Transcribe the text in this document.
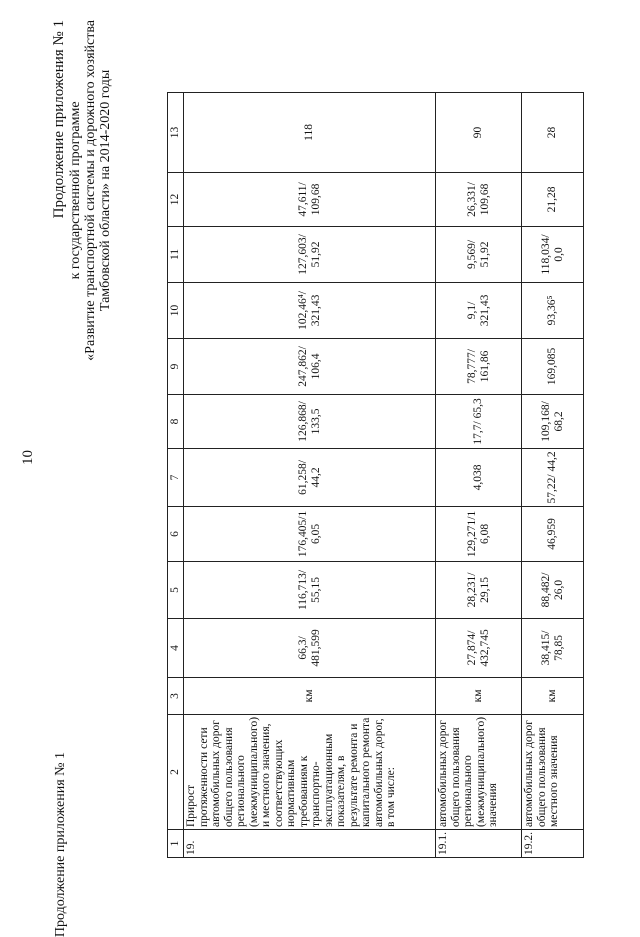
10
Продолжение приложения № 1
Продолжение приложения № 1 к государственной программе «Развитие транспортной системы и дорожного хозяйства Тамбовской области» на 2014-2020 годы
1	2	3	4	5	6	7	8	9	10	11	12	13
19.	Прирост протяженности сети автомобильных дорог общего пользования регионального (межмуниципального) и местного значения, соответствующих нормативным требованиям к транспортно-эксплуатационным показателям, в результате ремонта и капитального ремонта автомобильных дорог, в том числе:	км	66,3/ 481,599	116,713/ 55,15	176,405/1 6,05	61,258/ 44,2	126,868/ 133,5	247,862/ 106,4	102,46⁴/ 321,43	127,603/ 51,92	47,611/ 109,68	118
19.1.	автомобильных дорог общего пользования регионального (межмуниципального) значения	км	27,874/ 432,745	28,231/ 29,15	129,271/1 6,08	4,038	17,7/ 65,3	78,777/ 161,86	9,1/ 321,43	9,569/ 51,92	26,331/ 109,68	90
19.2.	автомобильных дорог общего пользования местного значения	км	38,415/ 78,85	88,482/ 26,0	46,959	57,22/ 44,2	109,168/ 68,2	169,085	93,36⁵	118,034/ 0,0	21,28	28
